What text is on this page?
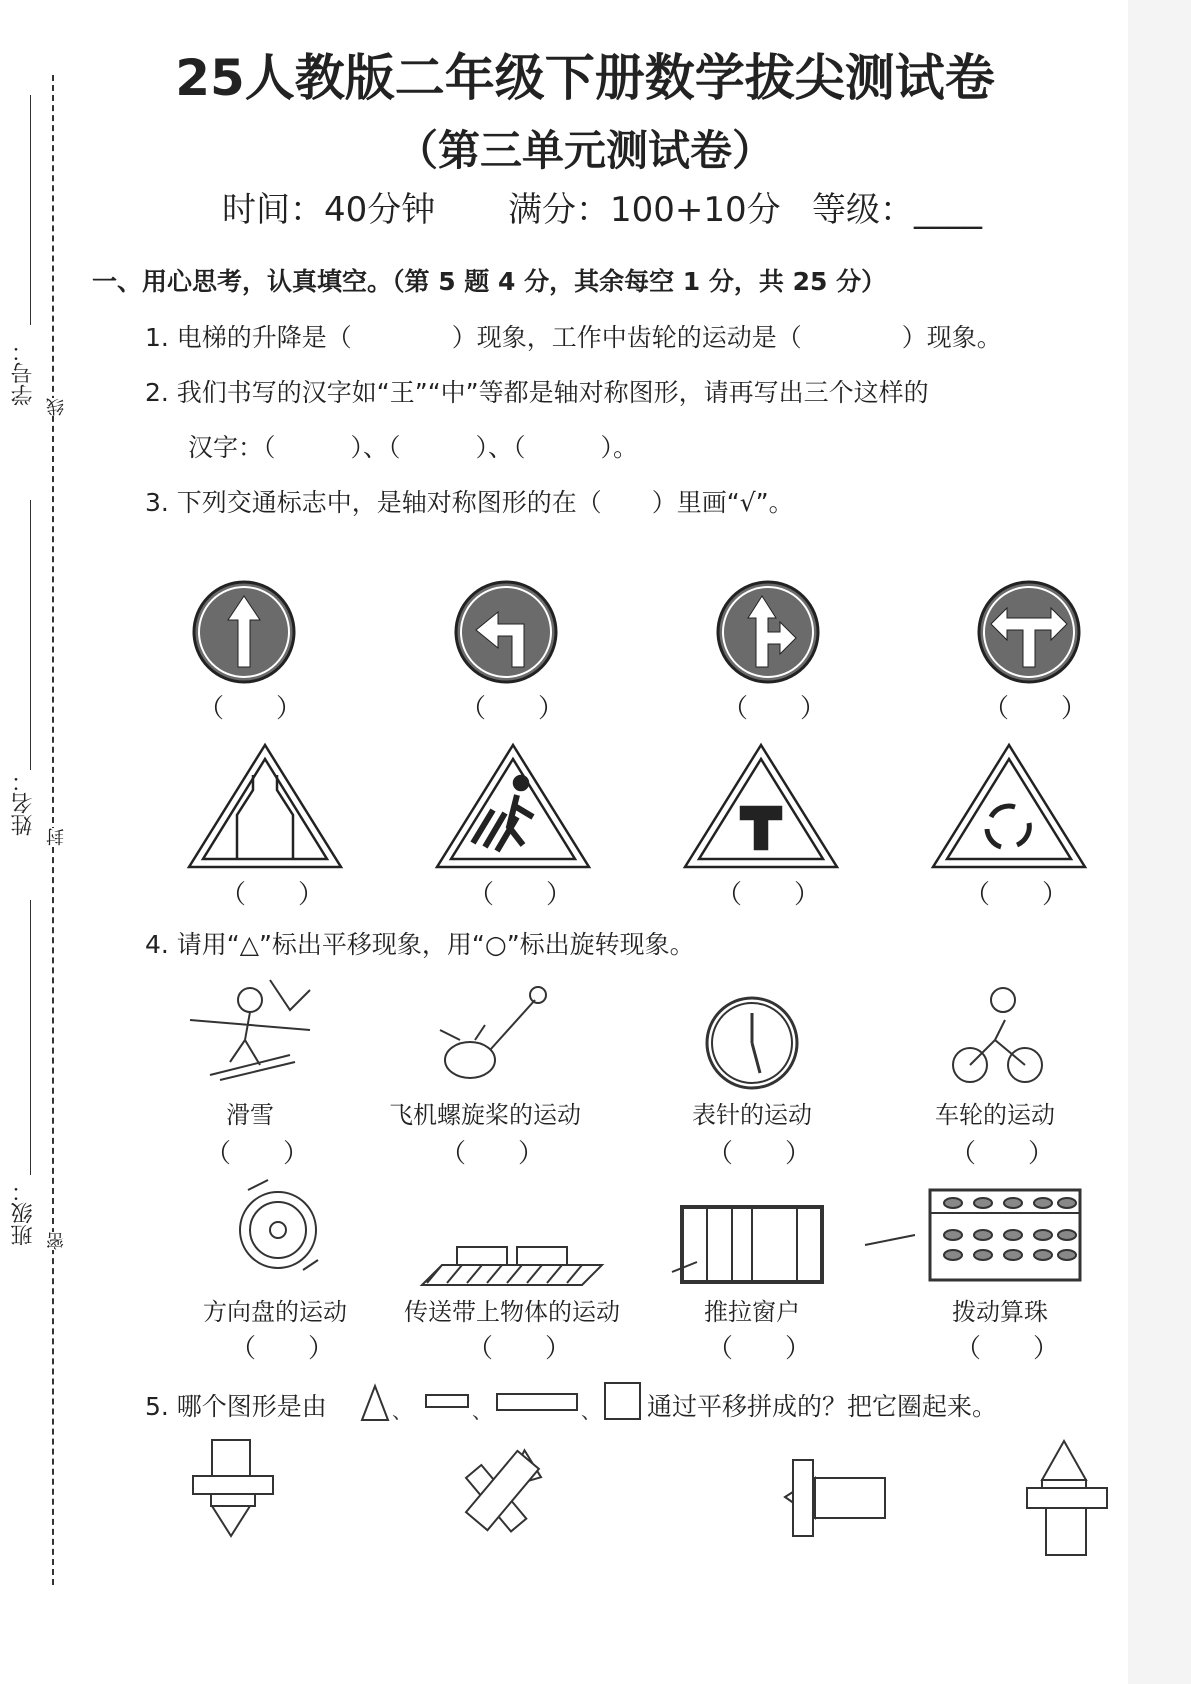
学号：
姓名：
班级：
线
封
密
25人教版二年级下册数学拔尖测试卷
（第三单元测试卷）
时间：40分钟 满分：100+10分 等级：____
一、用心思考，认真填空。（第 5 题 4 分，其余每空 1 分，共 25 分）
1. 电梯的升降是（　　　　）现象，工作中齿轮的运动是（　　　　）现象。
2. 我们书写的汉字如“王”“中”等都是轴对称图形，请再写出三个这样的
汉字：（　　　）、（　　　）、（　　　）。
3. 下列交通标志中，是轴对称图形的在（　　）里画“√”。
（　　）	（　　）	（　　）	（　　）
（　　）	（　　）	（　　）	（　　）
4. 请用“△”标出平移现象，用“○”标出旋转现象。
滑雪	飞机螺旋桨的运动	表针的运动	车轮的运动
（　　）	（　　）	（　　）	（　　）
方向盘的运动	传送带上物体的运动	推拉窗户	拨动算珠
（　　）	（　　）	（　　）	（　　）
5. 哪个图形是由	通过平移拼成的？把它圈起来。
、	、	、
